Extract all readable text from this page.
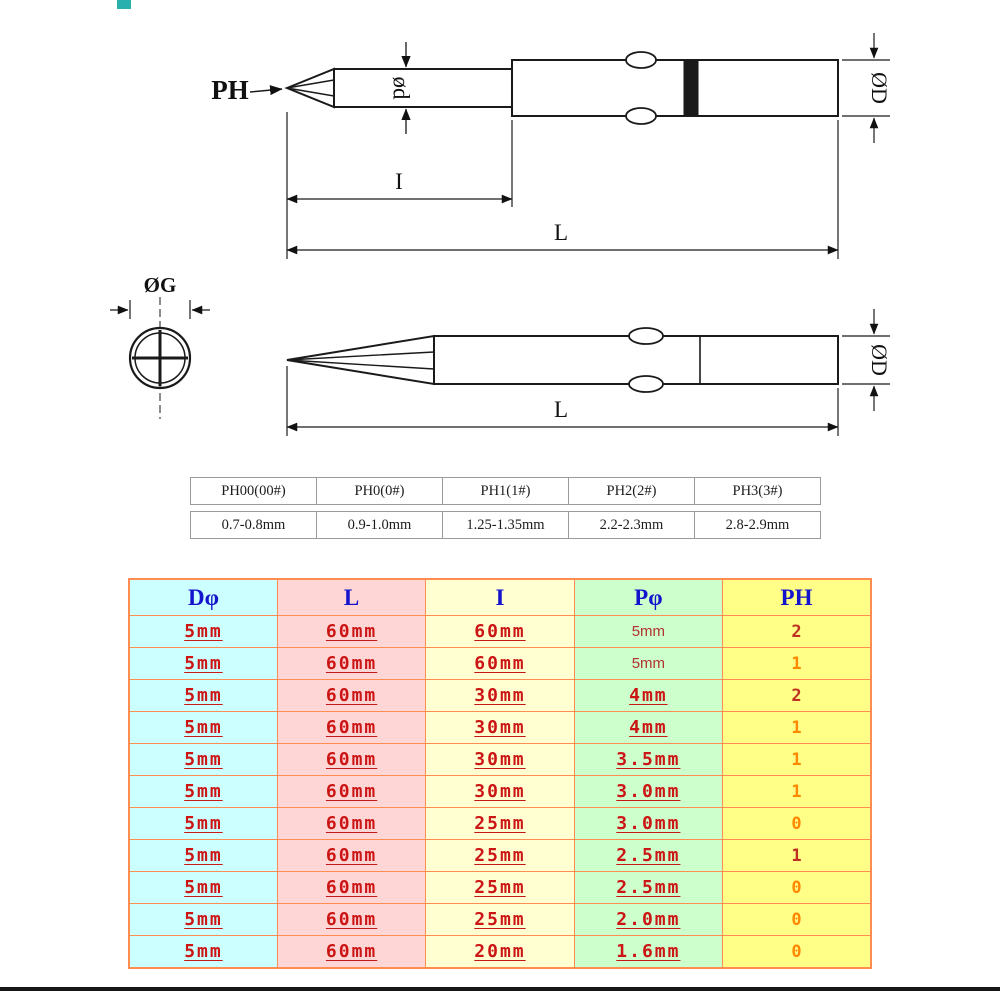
PH	ød	ØD
I
L
ØD
L
ØG
PH00(00#)	PH0(0#)	PH1(1#)	PH2(2#)	PH3(3#)
0.7-0.8mm	0.9-1.0mm	1.25-1.35mm	2.2-2.3mm	2.8-2.9mm
Dφ	L	I	Pφ	PH
5mm	60mm	60mm	5mm	2
5mm	60mm	60mm	5mm	1
5mm	60mm	30mm	4mm	2
5mm	60mm	30mm	4mm	1
5mm	60mm	30mm	3.5mm	1
5mm	60mm	30mm	3.0mm	1
5mm	60mm	25mm	3.0mm	0
5mm	60mm	25mm	2.5mm	1
5mm	60mm	25mm	2.5mm	0
5mm	60mm	25mm	2.0mm	0
5mm	60mm	20mm	1.6mm	0
